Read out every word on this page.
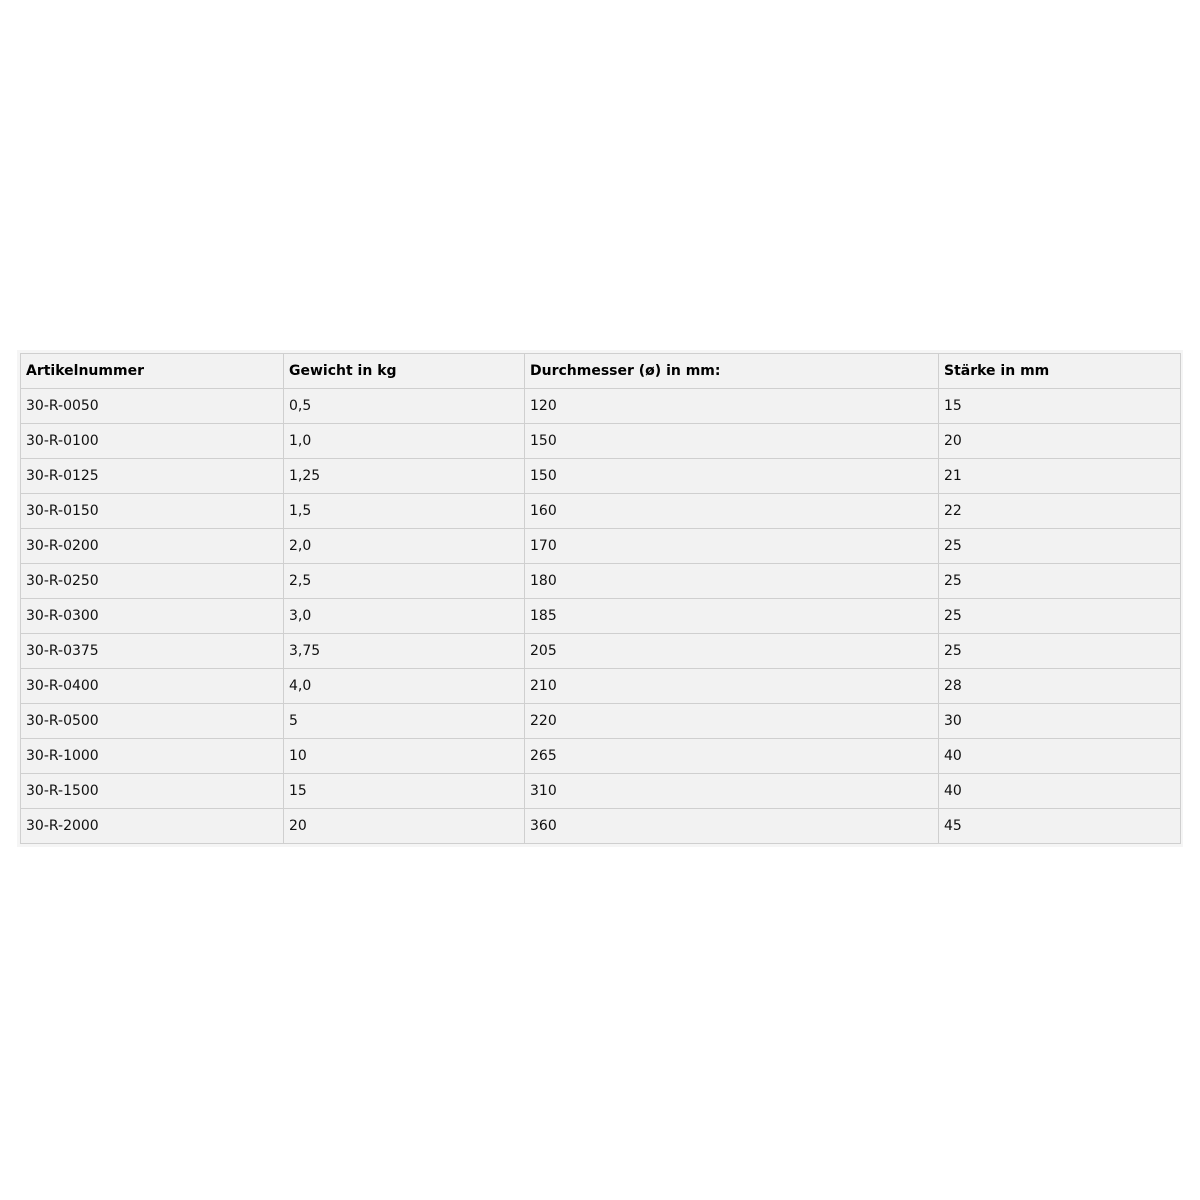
Artikelnummer	Gewicht in kg	Durchmesser (ø) in mm:	Stärke in mm
30-R-0050	0,5	120	15
30-R-0100	1,0	150	20
30-R-0125	1,25	150	21
30-R-0150	1,5	160	22
30-R-0200	2,0	170	25
30-R-0250	2,5	180	25
30-R-0300	3,0	185	25
30-R-0375	3,75	205	25
30-R-0400	4,0	210	28
30-R-0500	5	220	30
30-R-1000	10	265	40
30-R-1500	15	310	40
30-R-2000	20	360	45
